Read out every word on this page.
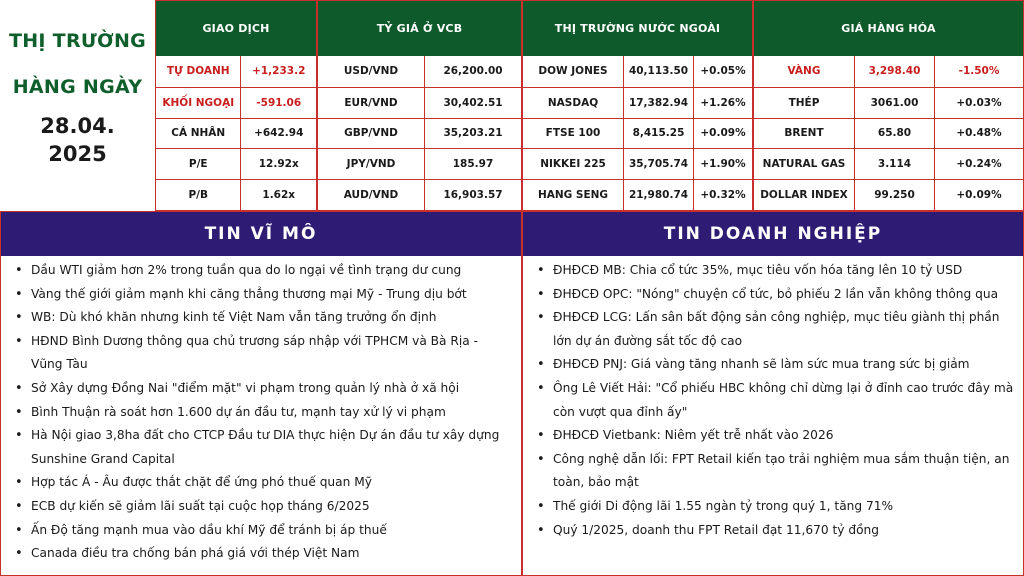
THỊ TRƯỜNG
HÀNG NGÀY
28.04.
2025
GIAO DỊCH
TỰ DOANH	+1,233.2
KHỐI NGOẠI	-591.06
CÁ NHÂN	+642.94
P/E	12.92x
P/B	1.62x
TỶ GIÁ Ở VCB
USD/VND	26,200.00
EUR/VND	30,402.51
GBP/VND	35,203.21
JPY/VND	185.97
AUD/VND	16,903.57
THỊ TRƯỜNG NƯỚC NGOÀI
DOW JONES	40,113.50	+0.05%
NASDAQ	17,382.94	+1.26%
FTSE 100	8,415.25	+0.09%
NIKKEI 225	35,705.74	+1.90%
HANG SENG	21,980.74	+0.32%
GIÁ HÀNG HÓA
VÀNG	3,298.40	-1.50%
THÉP	3061.00	+0.03%
BRENT	65.80	+0.48%
NATURAL GAS	3.114	+0.24%
DOLLAR INDEX	99.250	+0.09%
TIN VĨ MÔ
• Dầu WTI giảm hơn 2% trong tuần qua do lo ngại về tình trạng dư cung
• Vàng thế giới giảm mạnh khi căng thẳng thương mại Mỹ - Trung dịu bớt
• WB: Dù khó khăn nhưng kinh tế Việt Nam vẫn tăng trưởng ổn định
• HĐND Bình Dương thông qua chủ trương sáp nhập với TPHCM và Bà Rịa - Vũng Tàu
• Sở Xây dựng Đồng Nai "điểm mặt" vi phạm trong quản lý nhà ở xã hội
• Bình Thuận rà soát hơn 1.600 dự án đầu tư, mạnh tay xử lý vi phạm
• Hà Nội giao 3,8ha đất cho CTCP Đầu tư DIA thực hiện Dự án đầu tư xây dựng Sunshine Grand Capital
• Hợp tác Á - Âu được thắt chặt để ứng phó thuế quan Mỹ
• ECB dự kiến sẽ giảm lãi suất tại cuộc họp tháng 6/2025
• Ấn Độ tăng mạnh mua vào dầu khí Mỹ để tránh bị áp thuế
• Canada điều tra chống bán phá giá với thép Việt Nam
TIN DOANH NGHIỆP
• ĐHĐCĐ MB: Chia cổ tức 35%, mục tiêu vốn hóa tăng lên 10 tỷ USD
• ĐHĐCĐ OPC: "Nóng" chuyện cổ tức, bỏ phiếu 2 lần vẫn không thông qua
• ĐHĐCĐ LCG: Lấn sân bất động sản công nghiệp, mục tiêu giành thị phần lớn dự án đường sắt tốc độ cao
• ĐHĐCĐ PNJ: Giá vàng tăng nhanh sẽ làm sức mua trang sức bị giảm
• Ông Lê Viết Hải: "Cổ phiếu HBC không chỉ dừng lại ở đỉnh cao trước đây mà còn vượt qua đỉnh ấy"
• ĐHĐCĐ Vietbank: Niêm yết trễ nhất vào 2026
• Công nghệ dẫn lối: FPT Retail kiến tạo trải nghiệm mua sắm thuận tiện, an toàn, bảo mật
• Thế giới Di động lãi 1.55 ngàn tỷ trong quý 1, tăng 71%
• Quý 1/2025, doanh thu FPT Retail đạt 11,670 tỷ đồng
